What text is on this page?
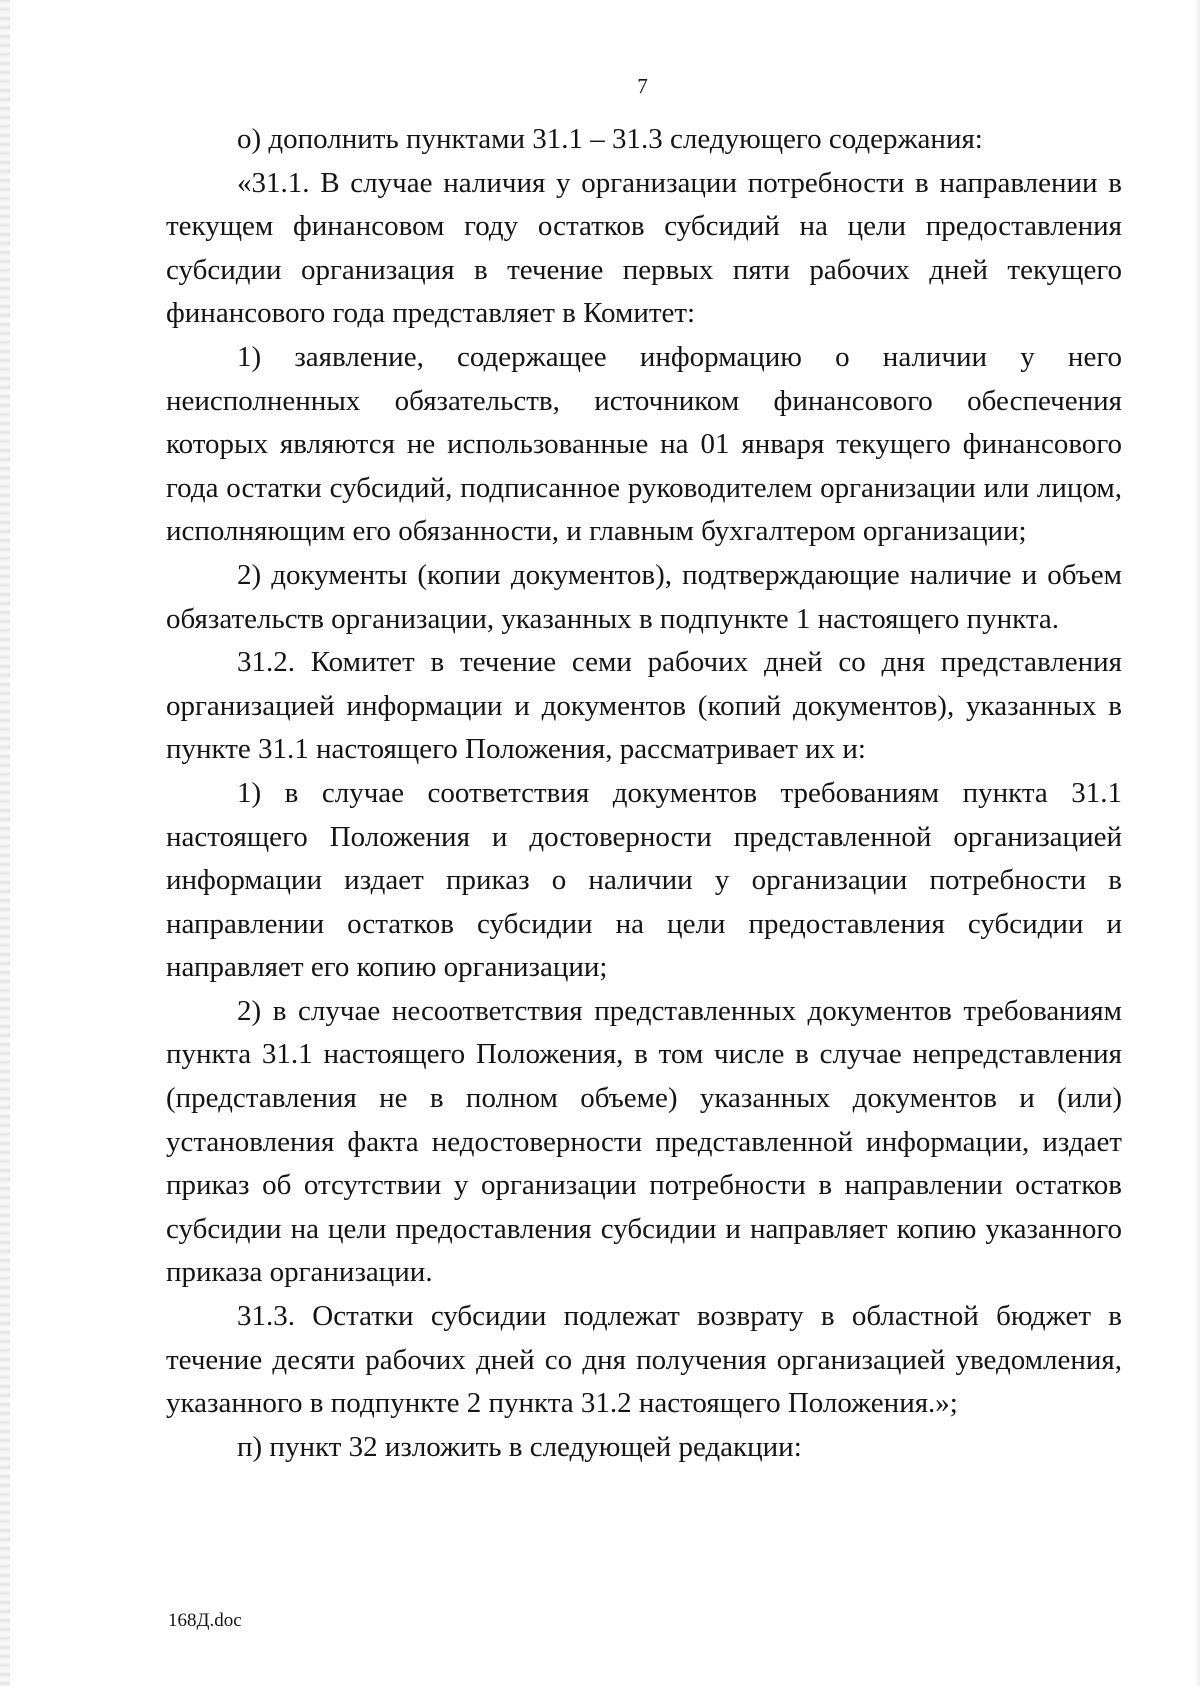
7

о) дополнить пунктами 31.1 – 31.3 следующего содержания:

«31.1. В случае наличия у организации потребности в направлении в текущем финансовом году остатков субсидий на цели предоставления субсидии организация в течение первых пяти рабочих дней текущего финансового года представляет в Комитет:

1) заявление, содержащее информацию о наличии у него неисполненных обязательств, источником финансового обеспечения которых являются не использованные на 01 января текущего финансового года остатки субсидий, подписанное руководителем организации или лицом, исполняющим его обязанности, и главным бухгалтером организации;

2) документы (копии документов), подтверждающие наличие и объем обязательств организации, указанных в подпункте 1 настоящего пункта.

31.2. Комитет в течение семи рабочих дней со дня представления организацией информации и документов (копий документов), указанных в пункте 31.1 настоящего Положения, рассматривает их и:

1) в случае соответствия документов требованиям пункта 31.1 настоящего Положения и достоверности представленной организацией информации издает приказ о наличии у организации потребности в направлении остатков субсидии на цели предоставления субсидии и направляет его копию организации;

2) в случае несоответствия представленных документов требованиям пункта 31.1 настоящего Положения, в том числе в случае непредставления (представления не в полном объеме) указанных документов и (или) установления факта недостоверности представленной информации, издает приказ об отсутствии у организации потребности в направлении остатков субсидии на цели предоставления субсидии и направляет копию указанного приказа организации.

31.3. Остатки субсидии подлежат возврату в областной бюджет в течение десяти рабочих дней со дня получения организацией уведомления, указанного в подпункте 2 пункта 31.2 настоящего Положения.»;

п) пункт 32 изложить в следующей редакции:

168Д.doc
